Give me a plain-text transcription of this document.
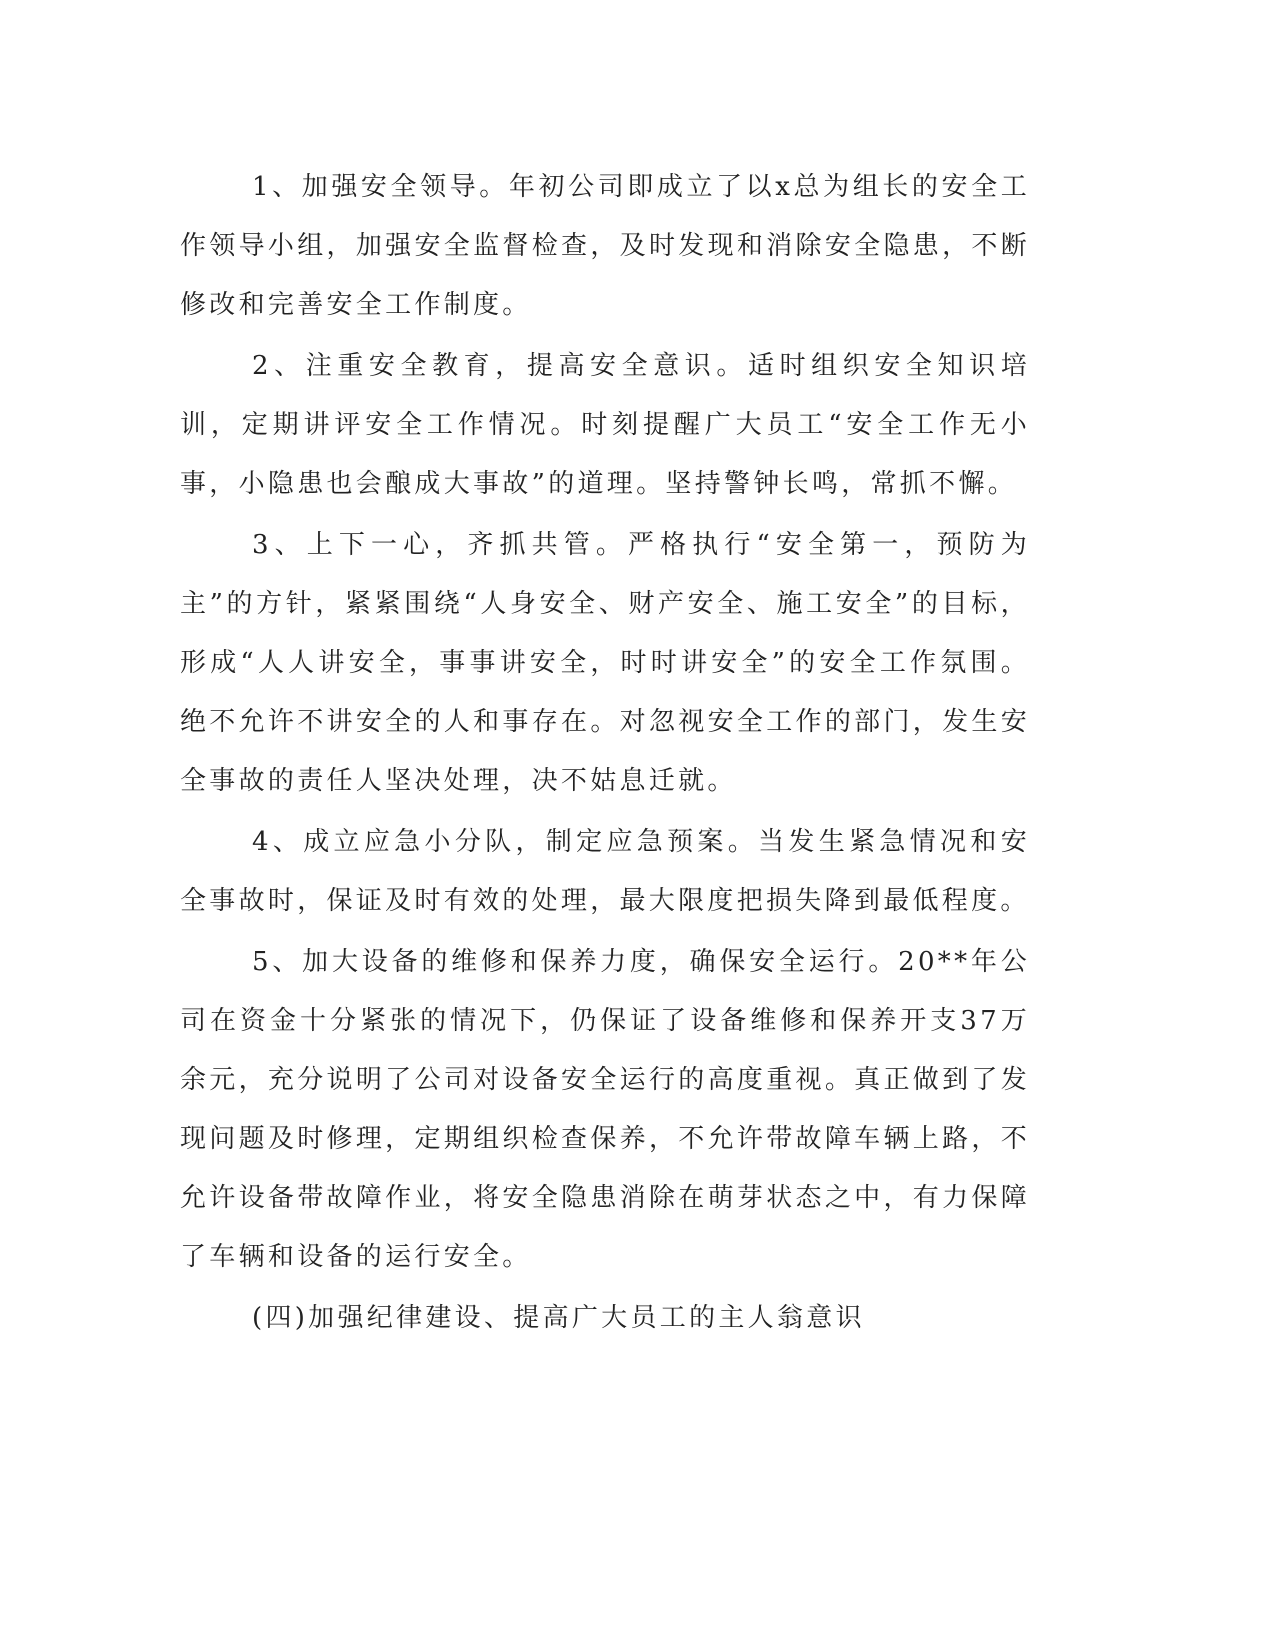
1、加强安全领导。年初公司即成立了以x总为组长的安全工作领导小组，加强安全监督检查，及时发现和消除安全隐患，不断修改和完善安全工作制度。

2、注重安全教育，提高安全意识。适时组织安全知识培训，定期讲评安全工作情况。时刻提醒广大员工“安全工作无小事，小隐患也会酿成大事故”的道理。坚持警钟长鸣，常抓不懈。

3、上下一心，齐抓共管。严格执行“安全第一，预防为主”的方针，紧紧围绕“人身安全、财产安全、施工安全”的目标，形成“人人讲安全，事事讲安全，时时讲安全”的安全工作氛围。绝不允许不讲安全的人和事存在。对忽视安全工作的部门，发生安全事故的责任人坚决处理，决不姑息迁就。

4、成立应急小分队，制定应急预案。当发生紧急情况和安全事故时，保证及时有效的处理，最大限度把损失降到最低程度。

5、加大设备的维修和保养力度，确保安全运行。20**年公司在资金十分紧张的情况下，仍保证了设备维修和保养开支37万余元，充分说明了公司对设备安全运行的高度重视。真正做到了发现问题及时修理，定期组织检查保养，不允许带故障车辆上路，不允许设备带故障作业，将安全隐患消除在萌芽状态之中，有力保障了车辆和设备的运行安全。

(四)加强纪律建设、提高广大员工的主人翁意识
